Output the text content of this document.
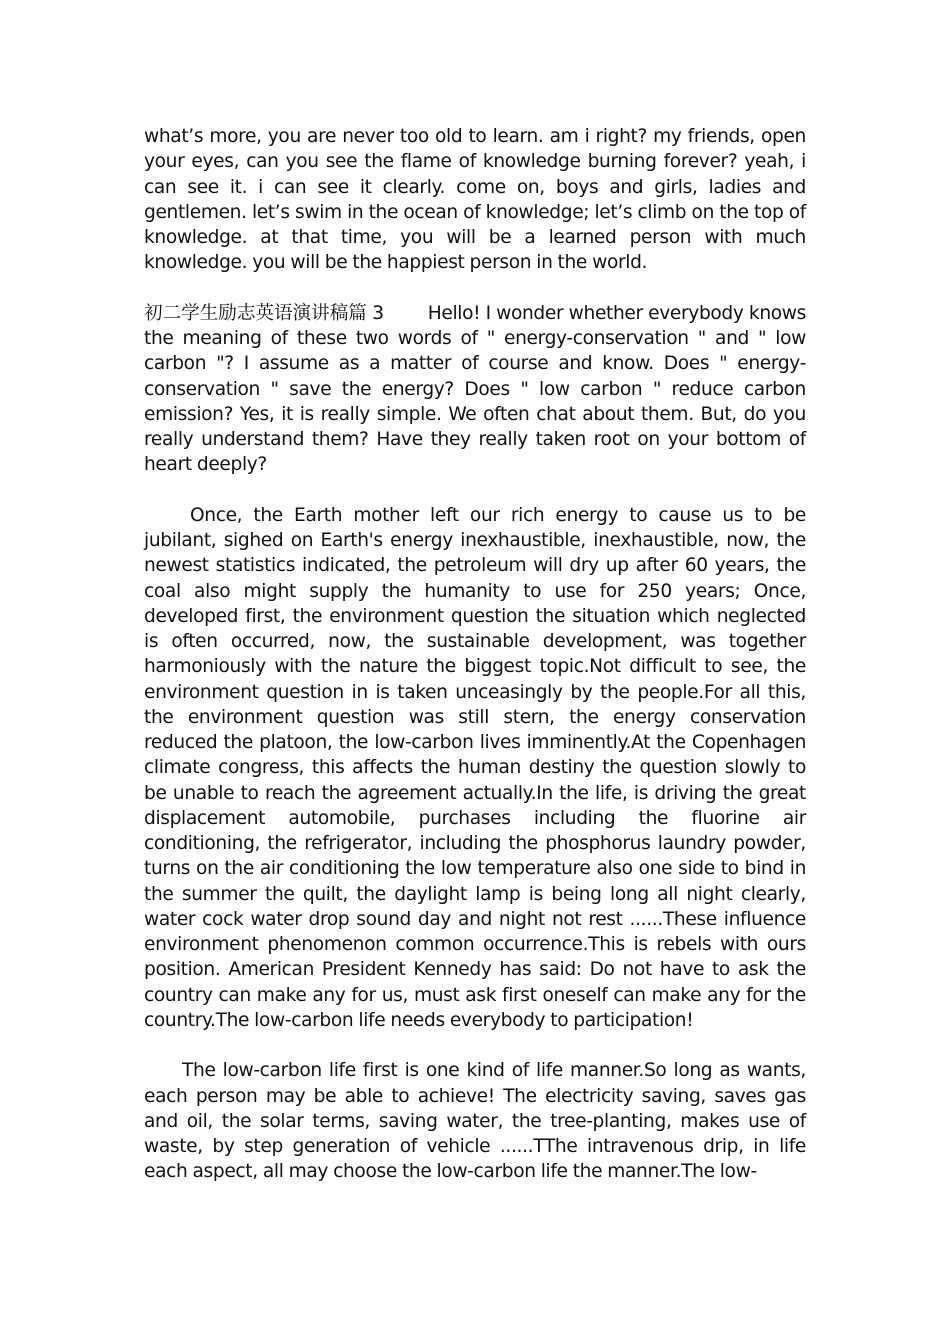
what’s more, you are never too old to learn. am i right? my friends, open your eyes, can you see the flame of knowledge burning forever? yeah, i can see it. i can see it clearly. come on, boys and girls, ladies and gentlemen. let’s swim in the ocean of knowledge; let’s climb on the top of knowledge. at that time, you will be a learned person with much knowledge. you will be the happiest person in the world.

初二学生励志英语演讲稿篇 3 Hello! I wonder whether everybody knows the meaning of these two words of " energy-conservation " and " low carbon "? I assume as a matter of course and know. Does " energy-conservation " save the energy? Does " low carbon " reduce carbon emission? Yes, it is really simple. We often chat about them. But, do you really understand them? Have they really taken root on your bottom of heart deeply?

Once, the Earth mother left our rich energy to cause us to be jubilant, sighed on Earth's energy inexhaustible, inexhaustible, now, the newest statistics indicated, the petroleum will dry up after 60 years, the coal also might supply the humanity to use for 250 years; Once, developed first, the environment question the situation which neglected is often occurred, now, the sustainable development, was together harmoniously with the nature the biggest topic.Not difficult to see, the environment question in is taken unceasingly by the people.For all this, the environment question was still stern, the energy conservation reduced the platoon, the low-carbon lives imminently.At the Copenhagen climate congress, this affects the human destiny the question slowly to be unable to reach the agreement actually.In the life, is driving the great displacement automobile, purchases including the fluorine air conditioning, the refrigerator, including the phosphorus laundry powder, turns on the air conditioning the low temperature also one side to bind in the summer the quilt, the daylight lamp is being long all night clearly, water cock water drop sound day and night not rest ......These influence environment phenomenon common occurrence.This is rebels with ours position. American President Kennedy has said: Do not have to ask the country can make any for us, must ask first oneself can make any for the country.The low-carbon life needs everybody to participation!

The low-carbon life first is one kind of life manner.So long as wants, each person may be able to achieve! The electricity saving, saves gas and oil, the solar terms, saving water, the tree-planting, makes use of waste, by step generation of vehicle ......TThe intravenous drip, in life each aspect, all may choose the low-carbon life the manner.The low-
